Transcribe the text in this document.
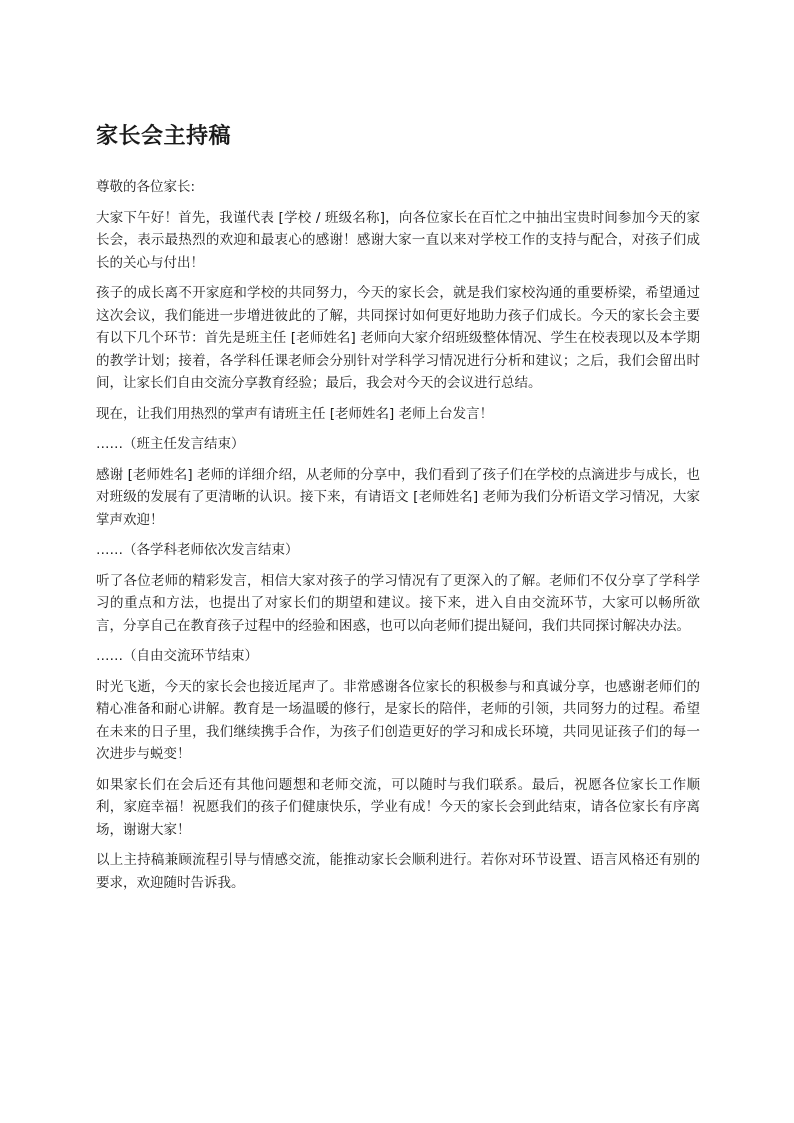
家长会主持稿

尊敬的各位家长:

大家下午好！首先，我谨代表 [学校 / 班级名称]，向各位家长在百忙之中抽出宝贵时间参加今天的家长会，表示最热烈的欢迎和最衷心的感谢！感谢大家一直以来对学校工作的支持与配合，对孩子们成长的关心与付出！

孩子的成长离不开家庭和学校的共同努力，今天的家长会，就是我们家校沟通的重要桥梁，希望通过这次会议，我们能进一步增进彼此的了解，共同探讨如何更好地助力孩子们成长。今天的家长会主要有以下几个环节：首先是班主任 [老师姓名] 老师向大家介绍班级整体情况、学生在校表现以及本学期的教学计划；接着，各学科任课老师会分别针对学科学习情况进行分析和建议；之后，我们会留出时间，让家长们自由交流分享教育经验；最后，我会对今天的会议进行总结。

现在，让我们用热烈的掌声有请班主任 [老师姓名] 老师上台发言！

……（班主任发言结束）

感谢 [老师姓名] 老师的详细介绍，从老师的分享中，我们看到了孩子们在学校的点滴进步与成长，也对班级的发展有了更清晰的认识。接下来，有请语文 [老师姓名] 老师为我们分析语文学习情况，大家掌声欢迎！

……（各学科老师依次发言结束）

听了各位老师的精彩发言，相信大家对孩子的学习情况有了更深入的了解。老师们不仅分享了学科学习的重点和方法，也提出了对家长们的期望和建议。接下来，进入自由交流环节，大家可以畅所欲言，分享自己在教育孩子过程中的经验和困惑，也可以向老师们提出疑问，我们共同探讨解决办法。

……（自由交流环节结束）

时光飞逝，今天的家长会也接近尾声了。非常感谢各位家长的积极参与和真诚分享，也感谢老师们的精心准备和耐心讲解。教育是一场温暖的修行，是家长的陪伴，老师的引领，共同努力的过程。希望在未来的日子里，我们继续携手合作，为孩子们创造更好的学习和成长环境，共同见证孩子们的每一次进步与蜕变！

如果家长们在会后还有其他问题想和老师交流，可以随时与我们联系。最后，祝愿各位家长工作顺利，家庭幸福！祝愿我们的孩子们健康快乐，学业有成！今天的家长会到此结束，请各位家长有序离场，谢谢大家！

以上主持稿兼顾流程引导与情感交流，能推动家长会顺利进行。若你对环节设置、语言风格还有别的要求，欢迎随时告诉我。
